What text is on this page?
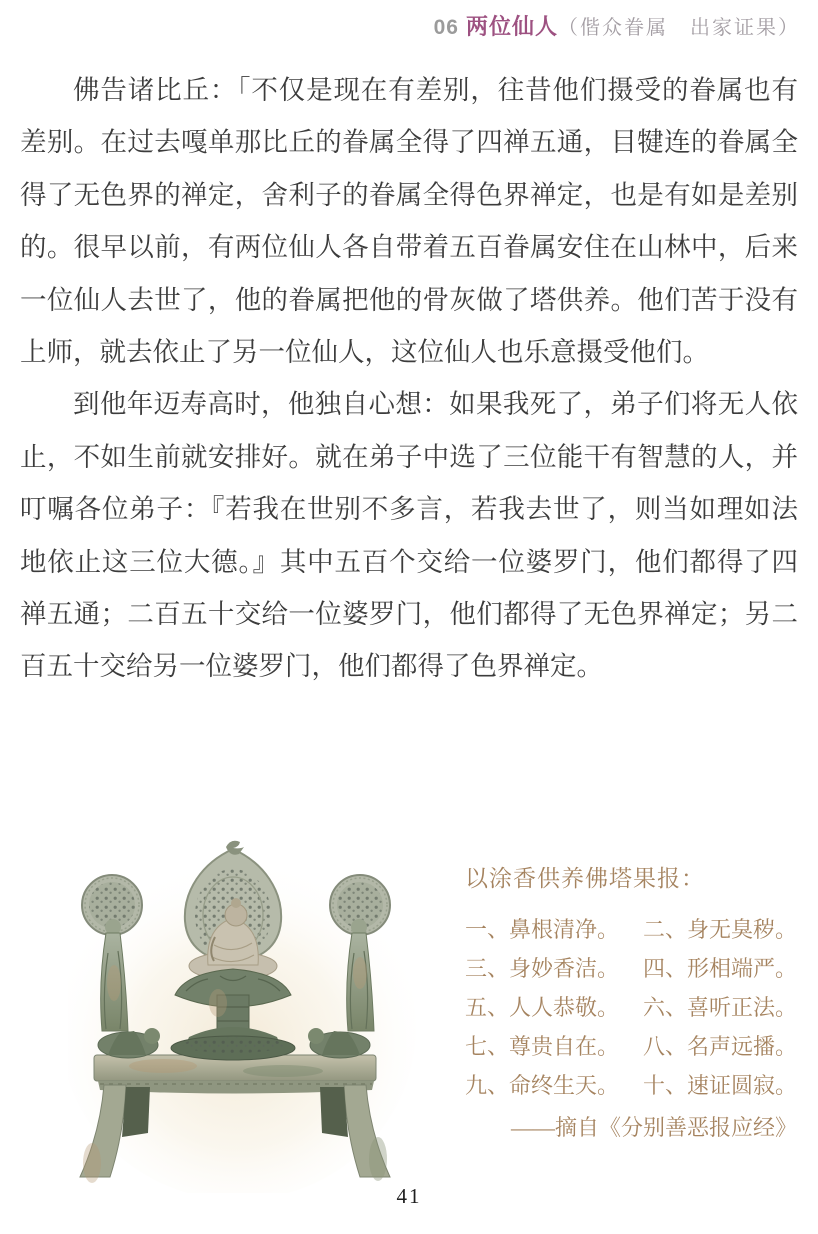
06 两位仙人（偕众眷属　出家证果）
佛告诸比丘：「不仅是现在有差别，往昔他们摄受的眷属也有
差别。在过去嘎单那比丘的眷属全得了四禅五通，目犍连的眷属全
得了无色界的禅定，舍利子的眷属全得色界禅定，也是有如是差别
的。很早以前，有两位仙人各自带着五百眷属安住在山林中，后来
一位仙人去世了，他的眷属把他的骨灰做了塔供养。他们苦于没有
上师，就去依止了另一位仙人，这位仙人也乐意摄受他们。
到他年迈寿高时，他独自心想：如果我死了，弟子们将无人依
止，不如生前就安排好。就在弟子中选了三位能干有智慧的人，并
叮嘱各位弟子：『若我在世别不多言，若我去世了，则当如理如法
地依止这三位大德。』其中五百个交给一位婆罗门，他们都得了四
禅五通；二百五十交给一位婆罗门，他们都得了无色界禅定；另二
百五十交给另一位婆罗门，他们都得了色界禅定。
以涂香供养佛塔果报：
一、鼻根清净。 二、身无臭秽。
三、身妙香洁。 四、形相端严。
五、人人恭敬。 六、喜听正法。
七、尊贵自在。 八、名声远播。
九、命终生天。 十、速证圆寂。
——摘自《分别善恶报应经》
41
